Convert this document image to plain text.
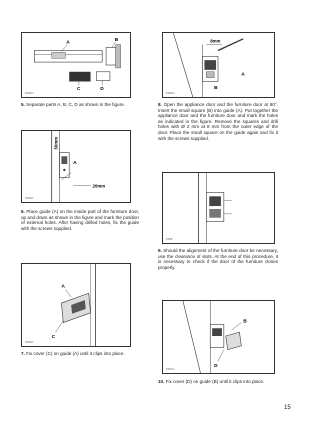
A
B
C	D
PR32/1
5. Separate parts A, B, C, D as shown in the figure.
50mm
A
20mm
PR33/1
6. Place guide (A) on the inside part of the furniture door, up and down as shown in the figure and mark the position of external holes. After having drilled holes, fix the guide with the screws supplied.
A
C
PR34/1
7. Fix cover (C) on guide (A) until it clips into place.
8mm
A
B
PR35/1
8. Open the appliance door and the furniture door at 90°. Insert the small square (B) into guide (A). Put together the appliance door and the furniture door and mark the holes as indicated in the figure. Remove the squares and drill holes with Ø 2 mm at 8 mm from the outer edge of the door. Place the small square on the guide again and fix it with the screws supplied.
PR36
9. Should the alignment of the furniture door be necessary, use the clearance of slots. At the end of this procedure, it is necessary to check if the door of the furniture closes properly.
B
D
PR37/1
10. Fix cover (D) on guide (B) until it clips into place.
15
